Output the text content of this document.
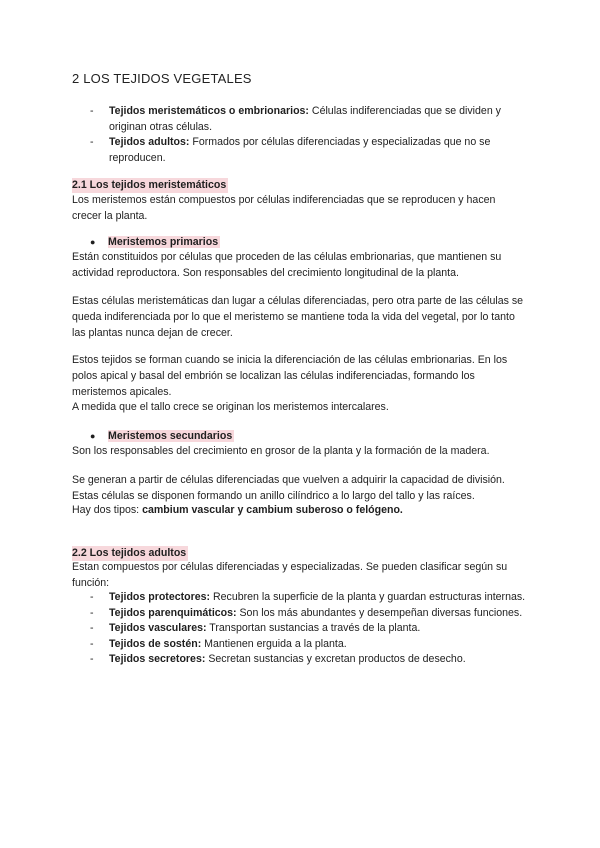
2 LOS TEJIDOS VEGETALES
- Tejidos meristemáticos o embrionarios: Células indiferenciadas que se dividen y originan otras células.
- Tejidos adultos: Formados por células diferenciadas y especializadas que no se reproducen.
2.1 Los tejidos meristemáticos
Los meristemos están compuestos por células indiferenciadas que se reproducen y hacen crecer la planta.
● Meristemos primarios
Están constituidos por células que proceden de las células embrionarias, que mantienen su actividad reproductora. Son responsables del crecimiento longitudinal de la planta.
Estas células meristemáticas dan lugar a células diferenciadas, pero otra parte de las células se queda indiferenciada por lo que el meristemo se mantiene toda la vida del vegetal, por lo tanto las plantas nunca dejan de crecer.
Estos tejidos se forman cuando se inicia la diferenciación de las células embrionarias. En los polos apical y basal del embrión se localizan las células indiferenciadas, formando los meristemos apicales.
A medida que el tallo crece se originan los meristemos intercalares.
● Meristemos secundarios
Son los responsables del crecimiento en grosor de la planta y la formación de la madera.
Se generan a partir de células diferenciadas que vuelven a adquirir la capacidad de división. Estas células se disponen formando un anillo cilíndrico a lo largo del tallo y las raíces.
Hay dos tipos: cambium vascular y cambium suberoso o felógeno.
2.2 Los tejidos adultos
Estan compuestos por células diferenciadas y especializadas. Se pueden clasificar según su función:
- Tejidos protectores: Recubren la superficie de la planta y guardan estructuras internas.
- Tejidos parenquimáticos: Son los más abundantes y desempeñan diversas funciones.
- Tejidos vasculares: Transportan sustancias a través de la planta.
- Tejidos de sostén: Mantienen erguida a la planta.
- Tejidos secretores: Secretan sustancias y excretan productos de desecho.
